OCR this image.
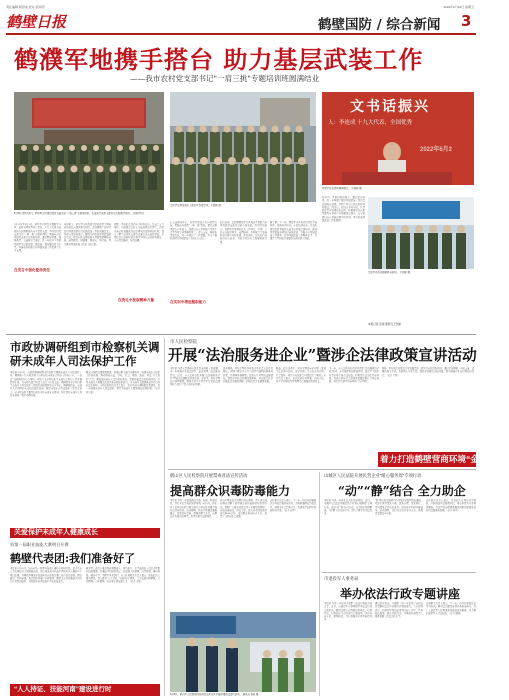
责任编辑:程思成 校对:袁家明	2022年6月10日 星期五
鹤壁日报	鹤壁国防 / 综合新闻 3
鹤濮军地携手搭台 助力基层武装工作
——我市农村党支部书记"一肩三挑"专题培训班圆满结业
5月31日至6月1日，鹤壁军分区组织的党支部书记“一肩三挑”专题培训班，在浚县完成党支部书记实践教学培训。 (资料图片)
受训学员到浚县东大街社区参观学习。王凯彬 摄
文书话振兴
人：李连成 十九大代表、全国优秀
2022年6月2
参训学员在活动现场感受。 王凯彬 摄
受训学员参加国防教育培训。 王凯彬 摄
5月31日至6月1日，鹤壁军分区联合濮阳军分区，依托全国优秀共产党员、十九大代表李连成所在的濮阳县西辛庄村党支部，举办农村党支部书记“一肩三挑”专题培训班。两地40余名基层党支部书记参加培训，通过理论授课、现场教学、交流研讨等形式，进一步提升了基层党组织书记抓党建、抓武装、抓发展的能力水平，为推动乡村振兴和基层武装工作提供了有力支撑。
在发言中强化使命责任
培训班上，鹤壁军分区政委为学员讲授了国防动员和民兵建设相关知识，深刻阐明了新时代农村基层党组织书记抓武装工作的重要意义。参训人员纷纷表示，要切实担负起党管武装政治责任，把民兵队伍建设纳入基层党建整体布局，统筹推进，同部署、同落实、同考核，努力推动基层武装工作迈上新台阶。
期间，学员们走进西辛庄村村史馆、民兵之家等场所，实地感受该村在李连成同志带领下，由贫穷落后村发展成为远近闻名的富裕村的历程，深入了解了该村党支部书记兼任民兵连指导员、带领民兵在急难险重任务中冲锋在前的经验做法，大家深受触动、倍受鼓舞。
在洗礼中汲取精神力量
在交流研讨环节，参训学员结合各自村情实际，围绕如何发挥“一肩三挑”优势、把民兵组织建在产业链上、发挥民兵在乡村振兴中的生力军作用等问题畅所欲言、深入交流，碰撞出思想火花，进一步拓宽了工作思路，坚定了做好新时代基层武装工作的信心决心。
在实训中增进履职能力
此次培训，是鹤濮两地军分区探索军地联合培训基层党支部书记的有益尝试。参训学员表示，将把所学所悟转化为工作动力，带领广大民兵在防汛救灾、疫情防控、乡村振兴等急难险重任务中当好先锋、作出表率，以实际行动践行初心使命，为地方经济社会发展贡献力量。
据了解，下一步，两地军分区将持续深化军地协作，创新培训方式，丰富培训内容，常态化组织农村基层党支部书记开展专题培训，推动党管武装各项制度落地见效，不断夯实基层武装工作根基，提升基层武装工作整体水平，为强军兴军和地方发展作出新的更大贡献。
培训中，学员们纷纷表示，通过此次培训，进一步增强了做好基层武装工作的责任感和使命感，学到了西辛庄村的好经验好做法。回去后，将结合本村实际，认真抓好学习成果转化运用，积极推动民兵组织建设与乡村产业发展深度融合，充分发挥民兵在基层治理中的作用，努力开创基层武装工作新局面。
本报记者 张颖 通讯员 王凯彬
市政协调研组到市检察机关调研未成年人司法保护工作
本报讯 6月8日，市政协调研组到市检察机关调研未成年人司法保护工作。调研组一行实地参观了市检察院未成年人检察工作办公室、“一站式”询问救助中心等场所，听取了全市检察机关未成年人检察工作开展情况汇报，并与相关部门负责人进行了座谈交流。调研组对全市检察机关未成年人司法保护工作取得的成绩给予充分肯定。调研组指出，未成年人是祖国的未来和民族的希望，做好未成年人司法保护工作意义重大。全市检察机关要坚持最有利于未成年人原则，持续深化未成年人检察业务统一集中办理改革。
要充分发挥法律监督职能，加强与相关部门沟通协作，构建未成年人保护工作新格局，推动形成家庭、学校、社会、网络、政府、司法“六大保护”合力。要加强未成年人法治宣传教育，积极开展法治进校园活动，引导未成年人增强法治意识和自我保护能力，为未成年人健康成长营造良好的法治环境。市检察院相关负责人表示，将认真落实调研组意见建议，进一步加强未成年人司法保护，努力为未成年人健康成长保驾护航。（记者 刘宇航）
关爱保护未成年人健康成长
首第一届职业技能大赛明日开赛
鹤壁代表团:我们准备好了
本报讯 6月10日，河南省第一届职业技能大赛将在郑州开幕。记者从市人力资源和社会保障局获悉，我市共选派76名选手参加本次大赛的55个项目比赛。为确保参赛选手以最佳状态参加比赛，我市高度重视，精心组织，严格选拔，先后组织开展了多轮集训，邀请专家对参赛选手进行有针对性的辅导，全面提升选手技能水平和竞技能力。
据介绍，此次大赛是我省规模最大、项目最多、水平最高的一次综合性职业技能赛事。参赛选手们纷纷表示，将发扬工匠精神，奋勇拼搏，赛出风格、赛出水平，为鹤壁争光添彩。市人社局相关负责人表示，将以此次大赛为契机，深入推进“人人持证、技能河南”建设，大力弘扬劳模精神、劳动精神、工匠精神，培养更多高技能人才。（记者 李蕾）
“人人持证、技能河南”建设进行时
市人民检察院
开展“法治服务进企业”暨涉企法律政策宣讲活动
本报讯 为深入贯彻落实优化营商环境工作部署，进一步增强企业依法经营、依法管理、依法维权意识，近日，市人民检察院开展“法治服务进企业”暨涉企法律政策宣讲活动。宣讲中，检察干警结合典型案例，围绕企业生产经营中常见的法律风险等进行了深入浅出的讲解。
活动现场，检察干警认真听取企业负责人的意见建议，详细了解企业在生产经营中遇到的困难和问题，并现场答疑解惑，提出有针对性的法律建议，帮助企业防范化解法律风险。检察机关将持续强化法治服务保障，护航民营企业健康发展。
据悉，此次活动中，检察干警还向企业职工发放了法治宣传资料，就企业职工关心的劳动合同、社会保险、知识产权保护等问题进行了解答。企业负责人表示，此次活动针对性强、内容丰富，对于企业规范经营管理具有很强的指导意义。
下一步，市人民检察院将持续深化“法治服务进企业”活动，充分发挥检察职能作用，依法平等保护各类市场主体合法权益，积极营造法治化营商环境，为我市经济社会高质量发展提供有力司法保障，助力打造鹤壁营商环境“金字招牌”。
同时，检察机关将聚焦企业发展需求，建立常态化联系机制，通过走访调研、座谈交流、法律咨询等方式，及时回应企业关切，帮助企业解决实际问题，切实增强企业获得感和满意度。（记者 王帅）
着力打造鹤壁营商环境“金字招牌”
鹤山区人民检察院开展禁毒普法宣传活动
提高群众识毒防毒能力
本报讯 为进一步提高群众识毒、防毒、拒毒意识，营造全民禁毒的浓厚氛围，6月8日，鹤山区人民检察院联合相关部门在鹤山区开展禁毒普法宣传活动。活动现场，检察干警通过展板展示、发放宣传资料、现场讲解等方式，向群众普及毒品的种类、危害及相关法律知识。
检察干警还结合办理的真实案例，深入浅出地向群众讲解了新型毒品的伪装形式和识别方法，提醒广大群众特别是青少年要提高警惕，自觉远离毒品，珍爱生命。此次活动共发放宣传资料500余份，接受群众咨询80余人次，取得了良好的社会效果。
该院相关负责人表示，下一步，将持续开展形式多样的禁毒宣传活动，不断增强群众禁毒意识，凝聚全社会禁毒合力，为建设平安鹤壁贡献检察力量。（记者 赵华）
6月8日，鹤山区人民检察院检察官在鹤山区开展禁毒普法宣传活动。 通讯员 张艳 摄
山城区人民法院开展民营企业“暖心服务周”专项行动
“动”“静”结合 全力助企
本报讯 为进一步优化法治化营商环境，近日，山城区人民法院开展民营企业“暖心服务周”专项行动，采取“动”“静”结合方式，全力助企纾困解难。“动”即主动走访企业，深入了解企业司法需求。
“静”即在诉讼服务中心开设涉企案件绿色通道，对涉企案件优先立案、优先审理、优先执行，切实降低企业诉讼成本，提升涉企纠纷化解效率。活动期间，该院共走访企业20余家，收集意见建议30余条。
该院相关负责人表示，将以此次专项行动为契机，不断创新司法服务举措，用心用情为企业排忧解难，为民营经济健康发展提供更加优质高效的司法服务和保障。（记者 孙雪）
市退役军人事务局
举办依法行政专题讲座
本报讯 为进一步提升干部职工依法行政能力和水平，近日，市退役军人事务局举办依法行政专题讲座，邀请法律专家围绕行政执法、行政复议、行政诉讼等内容进行专题辅导。讲座内容丰富、案例鲜活，具有很强的针对性和指导性。
通过此次讲座，干部职工进一步提高了运用法治思维和法治方式解决问题的能力。大家纷纷表示，将把所学知识运用到实际工作中，严格依法履职，规范行政行为，不断提升退役军人服务保障工作法治化水平。
该局相关负责人表示，下一步，将持续加强法治学习培训，推动法治建设各项任务落地落实，为广大退役军人提供更加优质高效的服务，全力维护退役军人合法权益。（记者 周晓）
